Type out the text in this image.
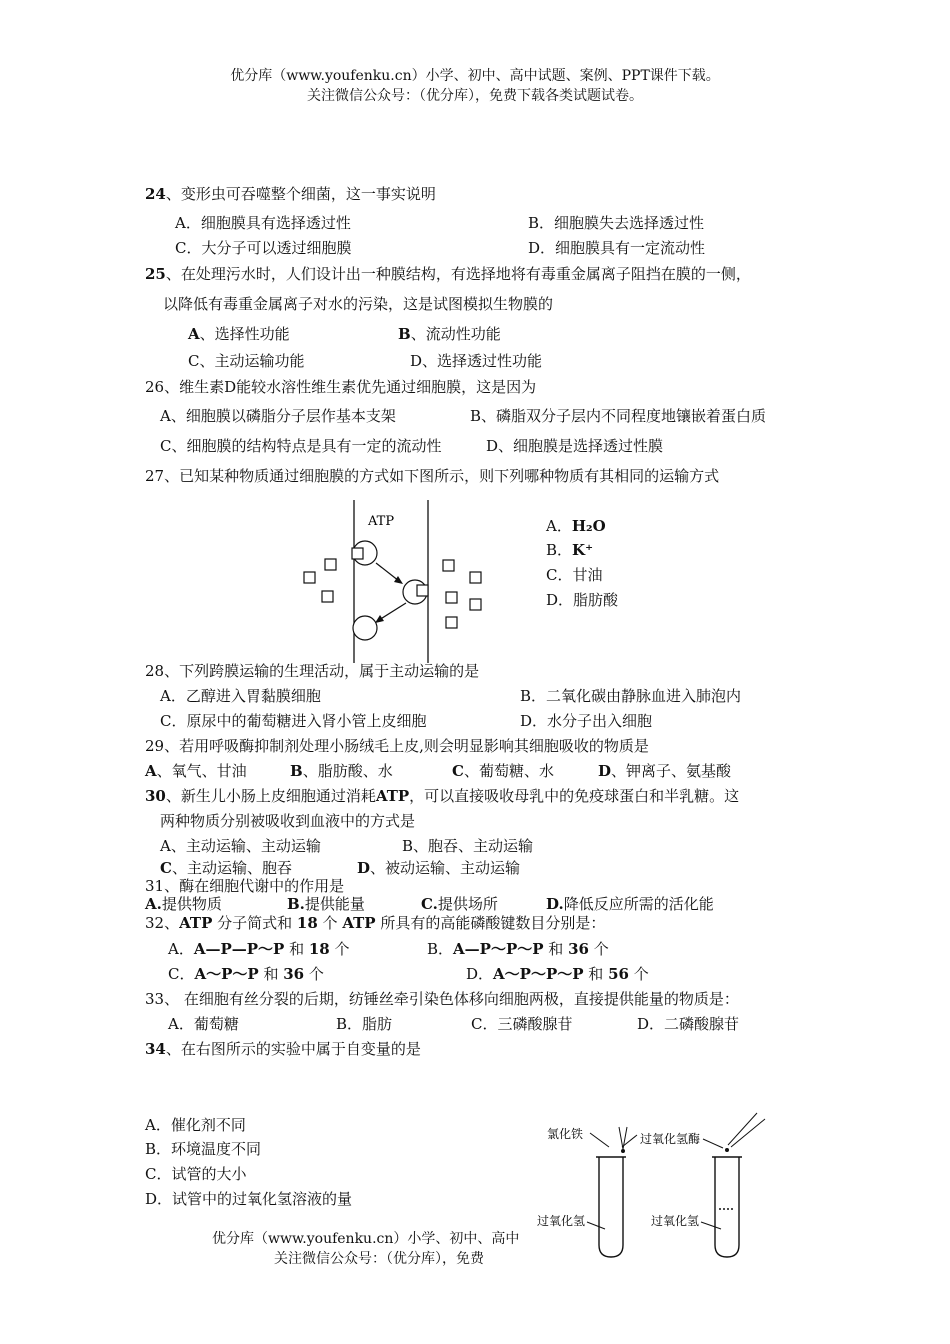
优分库（www.youfenku.cn）小学、初中、高中试题、案例、PPT课件下载。
关注微信公众号：（优分库），免费下载各类试题试卷。
24、变形虫可吞噬整个细菌，这一事实说明
A．细胞膜具有选择透过性	B．细胞膜失去选择透过性
C．大分子可以透过细胞膜	D．细胞膜具有一定流动性
25、在处理污水时，人们设计出一种膜结构，有选择地将有毒重金属离子阻挡在膜的一侧，
以降低有毒重金属离子对水的污染，这是试图模拟生物膜的
A、选择性功能	B、流动性功能
C、主动运输功能	D、选择透过性功能
26、维生素D能较水溶性维生素优先通过细胞膜，这是因为
A、细胞膜以磷脂分子层作基本支架	B、磷脂双分子层内不同程度地镶嵌着蛋白质
C、细胞膜的结构特点是具有一定的流动性	D、细胞膜是选择透过性膜
27、已知某种物质通过细胞膜的方式如下图所示，则下列哪种物质有其相同的运输方式
ATP	A．H₂O
B．K⁺
C．甘油
D．脂肪酸
28、下列跨膜运输的生理活动，属于主动运输的是
A．乙醇进入胃黏膜细胞	B．二氧化碳由静脉血进入肺泡内
C．原尿中的葡萄糖进入肾小管上皮细胞	D．水分子出入细胞
29、若用呼吸酶抑制剂处理小肠绒毛上皮,则会明显影响其细胞吸收的物质是
A、氧气、甘油	B、脂肪酸、水	C、葡萄糖、水	D、钾离子、氨基酸
30、新生儿小肠上皮细胞通过消耗ATP，可以直接吸收母乳中的免疫球蛋白和半乳糖。这
两种物质分别被吸收到血液中的方式是
A、主动运输、主动运输	B、胞吞、主动运输
C、主动运输、胞吞	D、被动运输、主动运输
31、酶在细胞代谢中的作用是
A.提供物质	B.提供能量	C.提供场所	D.降低反应所需的活化能
32、ATP 分子简式和 18 个 ATP 所具有的高能磷酸键数目分别是：
A．A—P—P～P 和 18 个	B．A—P～P～P 和 36 个
C．A～P～P 和 36 个	D．A～P～P～P 和 56 个
33、 在细胞有丝分裂的后期，纺锤丝牵引染色体移向细胞两极，直接提供能量的物质是：
A．葡萄糖	B．脂肪	C．三磷酸腺苷	D．二磷酸腺苷
34、在右图所示的实验中属于自变量的是
A．催化剂不同
B．环境温度不同
C．试管的大小
D．试管中的过氧化氢溶液的量
氯化铁	过氧化氢酶
过氧化氢	过氧化氢
优分库（www.youfenku.cn）小学、初中、高中
关注微信公众号：（优分库），免费
